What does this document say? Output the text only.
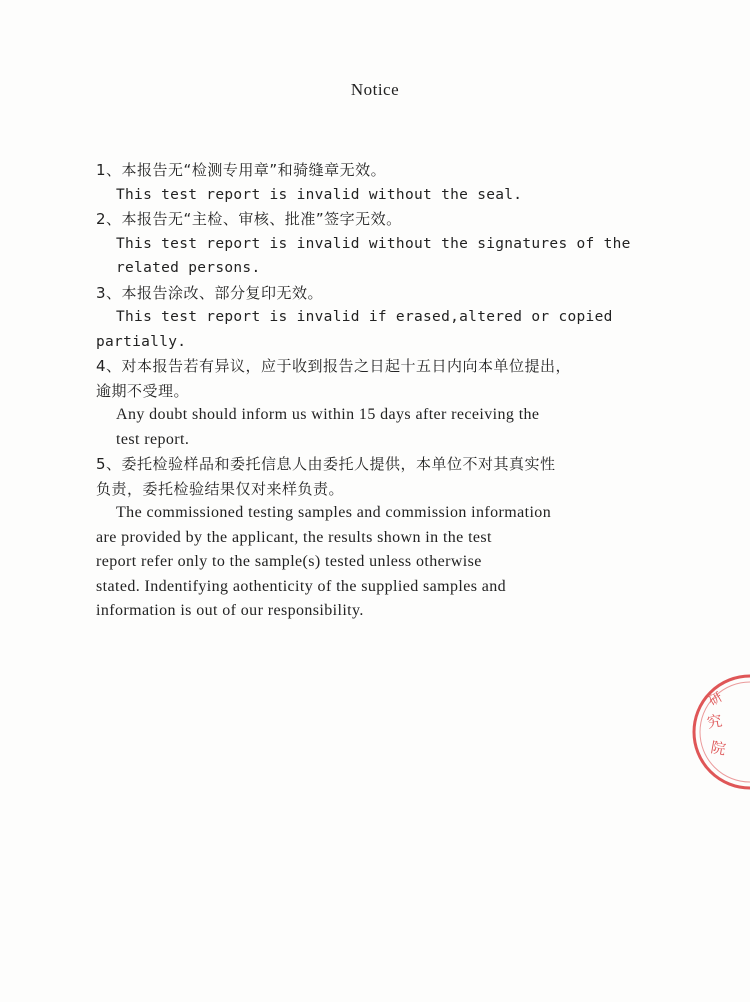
Notice

1、本报告无“检测专用章”和骑缝章无效。

This test report is invalid without the seal.

2、本报告无“主检、审核、批准”签字无效。

This test report is invalid without the signatures of the

related persons.

3、本报告涂改、部分复印无效。

This test report is invalid if erased,altered or copied

partially.

4、对本报告若有异议，应于收到报告之日起十五日内向本单位提出，

逾期不受理。

Any doubt should inform us within 15 days after receiving the

test report.

5、委托检验样品和委托信息人由委托人提供，本单位不对其真实性

负责，委托检验结果仅对来样负责。

The commissioned testing samples and commission information

are provided by the applicant, the results shown in the test

report refer only to the sample(s) tested unless otherwise

stated. Indentifying aothenticity of the supplied samples and

information is out of our responsibility.

研
究
院
